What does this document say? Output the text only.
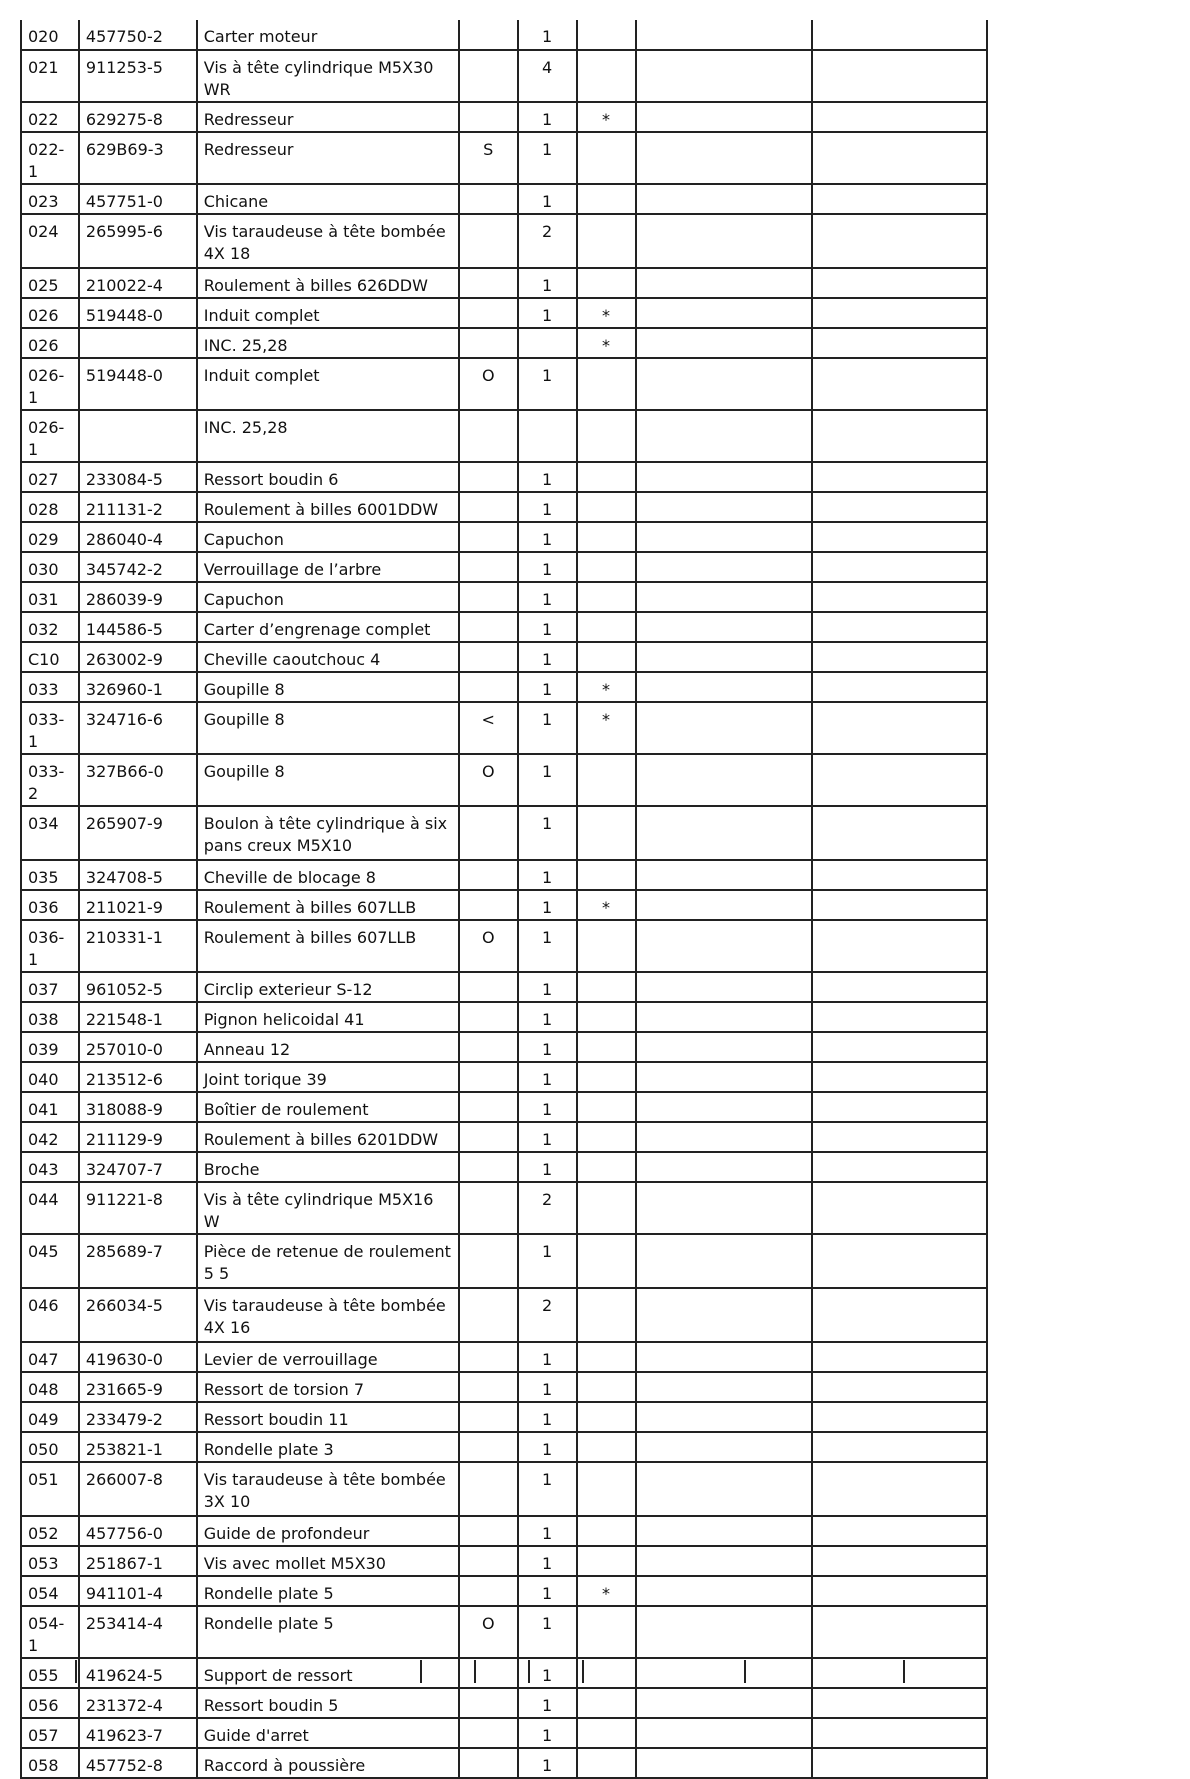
020	457750-2	Carter moteur		1			
021	911253-5	Vis à tête cylindrique M5X30 WR		4			
022	629275-8	Redresseur		1	*		
022-1	629B69-3	Redresseur	S	1			
023	457751-0	Chicane		1			
024	265995-6	Vis taraudeuse à tête bombée 4X 18		2			
025	210022-4	Roulement à billes 626DDW		1			
026	519448-0	Induit complet		1	*		
026		INC. 25,28			*		
026-1	519448-0	Induit complet	O	1			
026-1		INC. 25,28					
027	233084-5	Ressort boudin 6		1			
028	211131-2	Roulement à billes 6001DDW		1			
029	286040-4	Capuchon		1			
030	345742-2	Verrouillage de l’arbre		1			
031	286039-9	Capuchon		1			
032	144586-5	Carter d’engrenage complet		1			
C10	263002-9	Cheville caoutchouc 4		1			
033	326960-1	Goupille 8		1	*		
033-1	324716-6	Goupille 8	<	1	*		
033-2	327B66-0	Goupille 8	O	1			
034	265907-9	Boulon à tête cylindrique à six pans creux M5X10		1			
035	324708-5	Cheville de blocage 8		1			
036	211021-9	Roulement à billes 607LLB		1	*		
036-1	210331-1	Roulement à billes 607LLB	O	1			
037	961052-5	Circlip exterieur S-12		1			
038	221548-1	Pignon helicoidal 41		1			
039	257010-0	Anneau 12		1			
040	213512-6	Joint torique 39		1			
041	318088-9	Boîtier de roulement		1			
042	211129-9	Roulement à billes 6201DDW		1			
043	324707-7	Broche		1			
044	911221-8	Vis à tête cylindrique M5X16 W		2			
045	285689-7	Pièce de retenue de roulement 5 5		1			
046	266034-5	Vis taraudeuse à tête bombée 4X 16		2			
047	419630-0	Levier de verrouillage		1			
048	231665-9	Ressort de torsion 7		1			
049	233479-2	Ressort boudin 11		1			
050	253821-1	Rondelle plate 3		1			
051	266007-8	Vis taraudeuse à tête bombée 3X 10		1			
052	457756-0	Guide de profondeur		1			
053	251867-1	Vis avec mollet M5X30		1			
054	941101-4	Rondelle plate 5		1	*		
054-1	253414-4	Rondelle plate 5	O	1			
055	419624-5	Support de ressort		1			
056	231372-4	Ressort boudin 5		1			
057	419623-7	Guide d'arret		1			
058	457752-8	Raccord à poussière		1			
